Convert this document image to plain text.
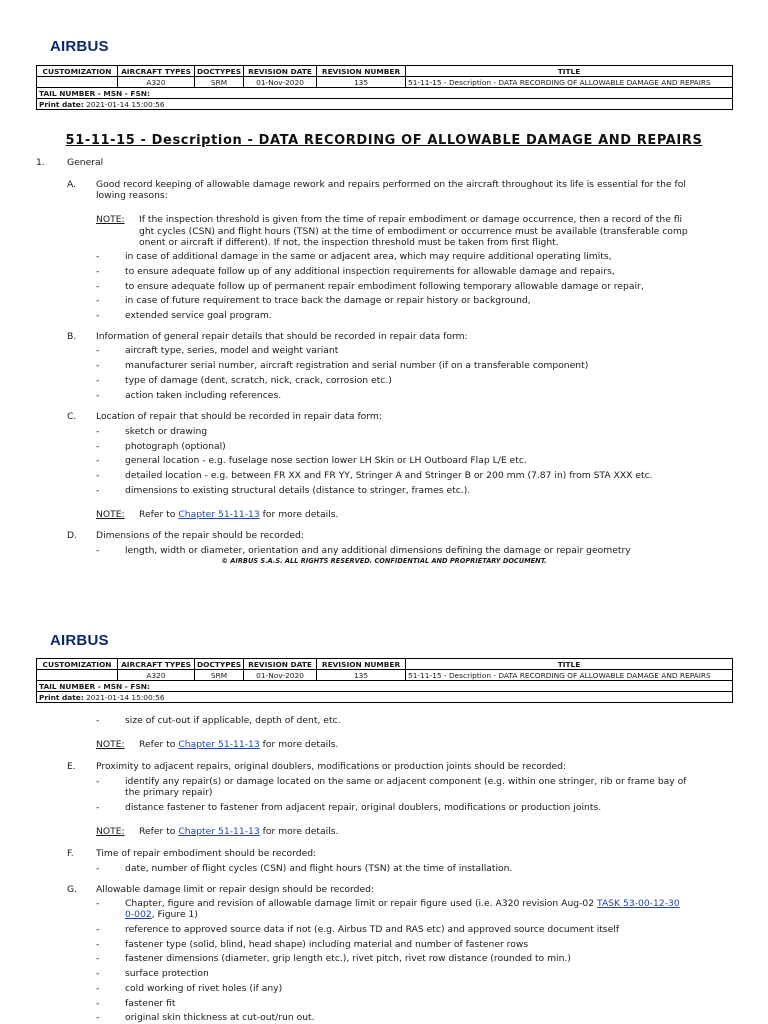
AIRBUS
CUSTOMIZATION	AIRCRAFT TYPES	DOCTYPES	REVISION DATE	REVISION NUMBER	TITLE
	A320	SRM	01-Nov-2020	135	51-11-15 - Description - DATA RECORDING OF ALLOWABLE DAMAGE AND REPAIRS
TAIL NUMBER - MSN - FSN:					
Print date: 2021-01-14 15:00:56					
51-11-15 - Description - DATA RECORDING OF ALLOWABLE DAMAGE AND REPAIRS
1. General
A. Good record keeping of allowable damage rework and repairs performed on the aircraft throughout its life is essential for the fol
lowing reasons:
NOTE: If the inspection threshold is given from the time of repair embodiment or damage occurrence, then a record of the fli
ght cycles (CSN) and flight hours (TSN) at the time of embodiment or occurrence must be available (transferable comp
onent or aircraft if different). If not, the inspection threshold must be taken from first flight.
-	in case of additional damage in the same or adjacent area, which may require additional operating limits,
-	to ensure adequate follow up of any additional inspection requirements for allowable damage and repairs,
-	to ensure adequate follow up of permanent repair embodiment following temporary allowable damage or repair,
-	in case of future requirement to trace back the damage or repair history or background,
-	extended service goal program.
B. Information of general repair details that should be recorded in repair data form:
-	aircraft type, series, model and weight variant
-	manufacturer serial number, aircraft registration and serial number (if on a transferable component)
-	type of damage (dent, scratch, nick, crack, corrosion etc.)
-	action taken including references.
C. Location of repair that should be recorded in repair data form:
-	sketch or drawing
-	photograph (optional)
-	general location - e.g. fuselage nose section lower LH Skin or LH Outboard Flap L/E etc.
-	detailed location - e.g. between FR XX and FR YY, Stringer A and Stringer B or 200 mm (7.87 in) from STA XXX etc.
-	dimensions to existing structural details (distance to stringer, frames etc.).
NOTE: Refer to Chapter 51-11-13 for more details.
D. Dimensions of the repair should be recorded:
-	length, width or diameter, orientation and any additional dimensions defining the damage or repair geometry
© AIRBUS S.A.S. ALL RIGHTS RESERVED. CONFIDENTIAL AND PROPRIETARY DOCUMENT.
AIRBUS
CUSTOMIZATION	AIRCRAFT TYPES	DOCTYPES	REVISION DATE	REVISION NUMBER	TITLE
	A320	SRM	01-Nov-2020	135	51-11-15 - Description - DATA RECORDING OF ALLOWABLE DAMAGE AND REPAIRS
TAIL NUMBER - MSN - FSN:					
Print date: 2021-01-14 15:00:56					
-	size of cut-out if applicable, depth of dent, etc.
NOTE: Refer to Chapter 51-11-13 for more details.
E. Proximity to adjacent repairs, original doublers, modifications or production joints should be recorded:
-	identify any repair(s) or damage located on the same or adjacent component (e.g. within one stringer, rib or frame bay of
the primary repair)
-	distance fastener to fastener from adjacent repair, original doublers, modifications or production joints.
NOTE: Refer to Chapter 51-11-13 for more details.
F. Time of repair embodiment should be recorded:
-	date, number of flight cycles (CSN) and flight hours (TSN) at the time of installation.
G. Allowable damage limit or repair design should be recorded:
-	Chapter, figure and revision of allowable damage limit or repair figure used (i.e. A320 revision Aug-02 TASK 53-00-12-30
0-002, Figure 1)
-	reference to approved source data if not (e.g. Airbus TD and RAS etc) and approved source document itself
-	fastener type (solid, blind, head shape) including material and number of fastener rows
-	fastener dimensions (diameter, grip length etc.), rivet pitch, rivet row distance (rounded to min.)
-	surface protection
-	cold working of rivet holes (if any)
-	fastener fit
-	original skin thickness at cut-out/run out.
